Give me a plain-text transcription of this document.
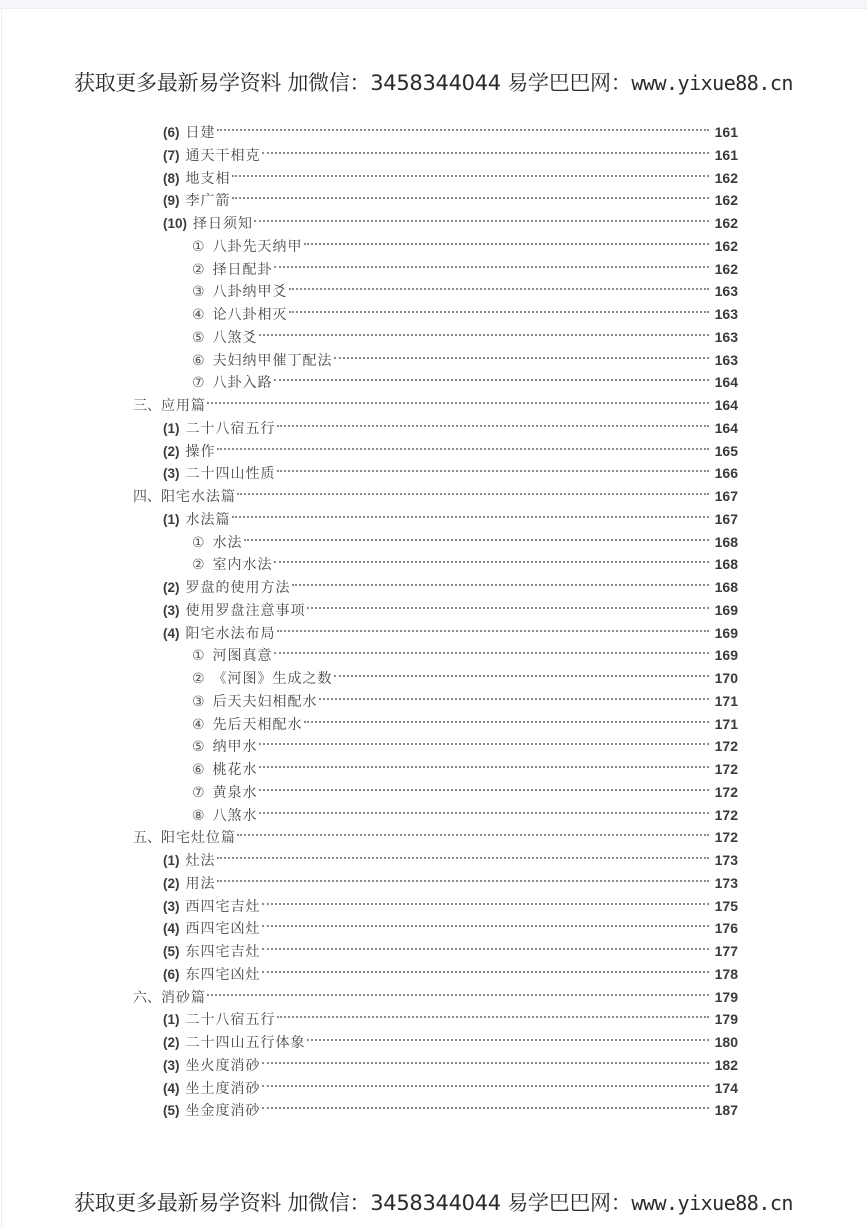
获取更多最新易学资料 加微信：3458344044 易学巴巴网：www.yixue88.cn
(6) 日建	161
(7) 通天干相克	161
(8) 地支相	162
(9) 李广箭	162
(10) 择日须知	162
① 八卦先天纳甲	162
② 择日配卦	162
③ 八卦纳甲爻	163
④ 论八卦相灭	163
⑤ 八煞爻	163
⑥ 夫妇纳甲催丁配法	163
⑦ 八卦入路	164
三、 应用篇	164
(1) 二十八宿五行	164
(2) 操作	165
(3) 二十四山性质	166
四、 阳宅水法篇	167
(1) 水法篇	167
① 水法	168
② 室内水法	168
(2) 罗盘的使用方法	168
(3) 使用罗盘注意事项	169
(4) 阳宅水法布局	169
① 河图真意	169
② 《河图》生成之数	170
③ 后天夫妇相配水	171
④ 先后天相配水	171
⑤ 纳甲水	172
⑥ 桃花水	172
⑦ 黄泉水	172
⑧ 八煞水	172
五、 阳宅灶位篇	172
(1) 灶法	173
(2) 用法	173
(3) 西四宅吉灶	175
(4) 西四宅凶灶	176
(5) 东四宅吉灶	177
(6) 东四宅凶灶	178
六、 消砂篇	179
(1) 二十八宿五行	179
(2) 二十四山五行体象	180
(3) 坐火度消砂	182
(4) 坐土度消砂	174
(5) 坐金度消砂	187
获取更多最新易学资料 加微信：3458344044 易学巴巴网：www.yixue88.cn
